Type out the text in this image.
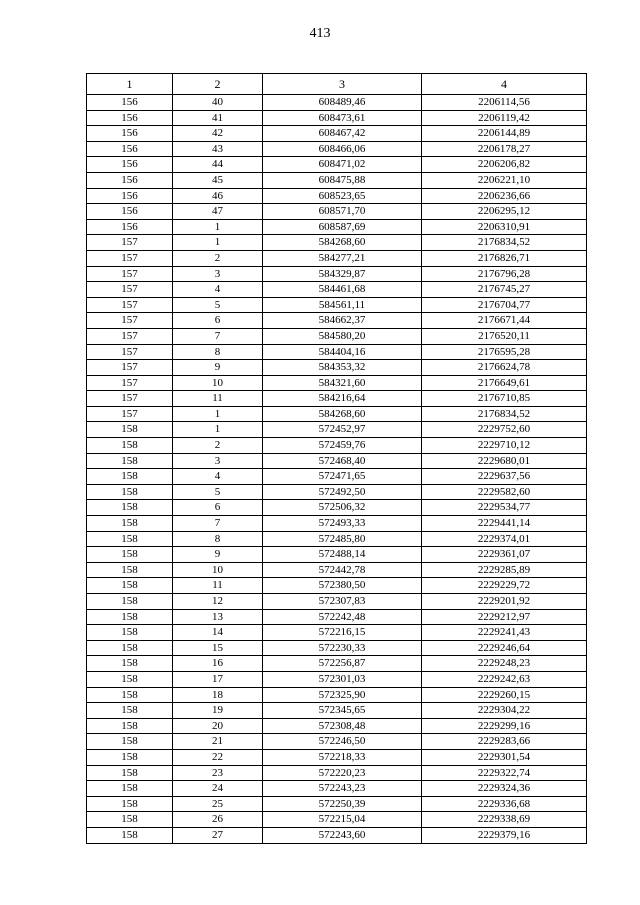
413
1	2	3	4
156	40	608489,46	2206114,56
156	41	608473,61	2206119,42
156	42	608467,42	2206144,89
156	43	608466,06	2206178,27
156	44	608471,02	2206206,82
156	45	608475,88	2206221,10
156	46	608523,65	2206236,66
156	47	608571,70	2206295,12
156	1	608587,69	2206310,91
157	1	584268,60	2176834,52
157	2	584277,21	2176826,71
157	3	584329,87	2176796,28
157	4	584461,68	2176745,27
157	5	584561,11	2176704,77
157	6	584662,37	2176671,44
157	7	584580,20	2176520,11
157	8	584404,16	2176595,28
157	9	584353,32	2176624,78
157	10	584321,60	2176649,61
157	11	584216,64	2176710,85
157	1	584268,60	2176834,52
158	1	572452,97	2229752,60
158	2	572459,76	2229710,12
158	3	572468,40	2229680,01
158	4	572471,65	2229637,56
158	5	572492,50	2229582,60
158	6	572506,32	2229534,77
158	7	572493,33	2229441,14
158	8	572485,80	2229374,01
158	9	572488,14	2229361,07
158	10	572442,78	2229285,89
158	11	572380,50	2229229,72
158	12	572307,83	2229201,92
158	13	572242,48	2229212,97
158	14	572216,15	2229241,43
158	15	572230,33	2229246,64
158	16	572256,87	2229248,23
158	17	572301,03	2229242,63
158	18	572325,90	2229260,15
158	19	572345,65	2229304,22
158	20	572308,48	2229299,16
158	21	572246,50	2229283,66
158	22	572218,33	2229301,54
158	23	572220,23	2229322,74
158	24	572243,23	2229324,36
158	25	572250,39	2229336,68
158	26	572215,04	2229338,69
158	27	572243,60	2229379,16
